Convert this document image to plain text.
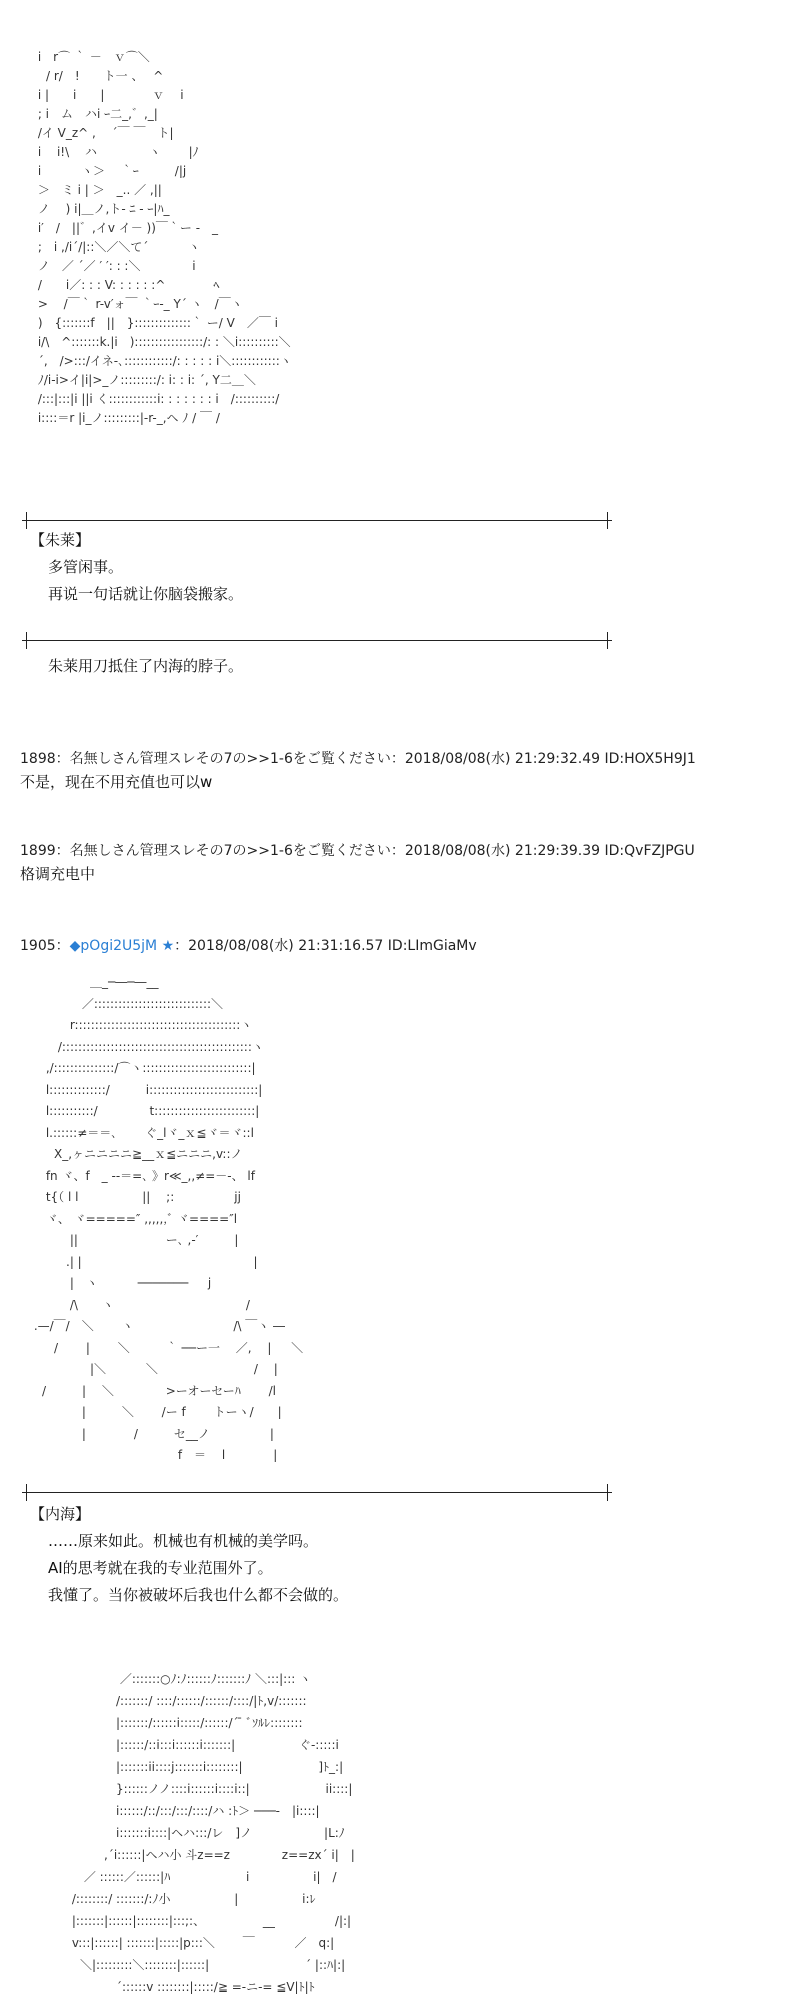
i　r⌒ ｀ －　ｖ⌒＼
　/ r/　!　　ト一 、　 ^
i |　　i　　|　　　　ｖ　 i
; i　ム　ハi ｰ二_,゛,_|
/イ V_z^ ,　 ´￣ ￣　ト|
i　 i!\　 ハ　　　　 ヽ　　 |ﾉ
i　　　 ヽ＞　 ｀ｰ　　　/|j
＞　ミ i | ＞　_.. ／ ,||
ノ　 ) i|＿ノ,ト- ﾆ - ｰ|ﾊ_
i′　/　||゛,イv イ－ ))￣｀ー -　_
;　i ,/i´/|::＼／＼て´　　　 ヽ
ノ　／ ´／ ′ ′: : :＼　　　　 i
/　　i／: : : V: : : : : :^　　　　ﾍ
>　 /￣｀ r-v′ォ￣ ｀ｰ-_ Y´ ヽ　/￣ヽ
)　{:::::::f　||　}::::::::::::::｀ ー/ V　／￣ i
i/\　^:::::::k.|i　):::::::::::::::::/: : ＼i::::::::::＼
´,　/>:::/イネ-､::::::::::::/: : : : : i＼::::::::::::ヽ
ﾉ/i-i>イ|i|>_ノ:::::::::/: i: : i: ´, Y二＿＼
/:::|:::|i ||i く::::::::::::i: : : : : : : i　/::::::::::/
i::::＝r |i_ノ:::::::::|-r-_,ヘ ﾉ / ￣ /
【朱莱】
多管闲事。
再说一句话就让你脑袋搬家。
朱莱用刀抵住了内海的脖子。
1898：名無しさん管理スレその7の>>1-6をご覧ください：2018/08/08(水) 21:29:32.49 ID:HOX5H9J1
不是，现在不用充值也可以w
1899：名無しさん管理スレその7の>>1-6をご覧ください：2018/08/08(水) 21:29:39.39 ID:QvFZJPGU
格调充电中
1905：◆pOgi2U5jM ★：2018/08/08(水) 21:31:16.57 ID:LImGiaMv
　　　　　＿_─―─―__
　　　　 ／:::::::::::::::::::::::::::::＼
　　　 r:::::::::::::::::::::::::::::::::::::::::ヽ
　　 /:::::::::::::::::::::::::::::::::::::::::::::::ヽ
　 ,/:::::::::::::::/⌒ヽ:::::::::::::::::::::::::::|
　 l::::::::::::::/　　　i:::::::::::::::::::::::::::|
　 l:::::::::::/　　　　 t:::::::::::::::::::::::::|
　 l.::::::≠＝＝､　　 ぐ_lヾ_ｘ≦ヾ＝ヾ::l
　　X_,ヶニニニニ≧__ｘ≦ニニニ,v::ノ
　 fn ヾ、f　_ --＝=､ 》r≪_,,≠=－-、 lf
　 t{（ l l　　　　　 ||　 ;:　　　　　jj
　 ヾ、 ヾ=====″ ,,,,,,ﾞ ヾ====″l
　　　 ||　　　　　　　 ー､ ,-′　　　|
　　　.| |　　　　　　　 　　　　　　　|
　　　 |　ヽ　　　 ─────── 　 j
　　　 /\　　ヽ　　　　　　　　　　　/
.—/￣/　＼　　 ヽ　　　　　　　　 /\ ￣ヽ ―
　　/　　 |　　 ＼　　　｀ ──ー一　 ／, 　| 　 ＼
　　　　　|＼　　　 ＼　　　　　　　　/　 |
　/　　　|　 ＼　　　　 >ーオーセーﾊ　　 /l
　　　　 |　　　＼　　 /ー f　　 トーヽ/　　|
　　　　 |　　　　/　　　セ__ノ　　　　　|
　　　　　　　　　　　　 f　＝　 l　　　　|
【内海】
……原来如此。机械也有机械的美学吗。
AI的思考就在我的专业范围外了。
我懂了。当你被破坏后我也什么都不会做的。
　　　　　　　　 ／:::::::○ﾉ:ﾉ::::::ﾉ:::::::ﾉ ＼:::|::: ヽ
　　　　　　　　/:::::::/ ::::/::::::/::::::/::::/|ﾄ,v/:::::::
　　　　　　　　|:::::::/::::::i:::::/::::::/´ ̄ ﾞｿﾙﾚ::::::::
　　　　　　　　|::::::/::i:::i::::::i:::::::|　　　　　 ぐ-:::::i
　　　　　　　　|:::::::ii::::j:::::::i::::::::|　　　　　　 ]ﾄ_:|
　　　　　　　　}::::::ノノ::::i::::::i::::i::|　　　　　　 ii::::|
　　　　　　　　i::::::/::/:::/:::/::::/ハ :ﾄ＞ ───-　|i::::|
　　　　　　　　i:::::::i::::|ヘハ:::/レ　]ノ　　　　　　|L:ﾉ
　　　　　　　,´i::::::|ヘハ小 斗z==z　　　　 z==zx´ i|　|
　　　　　 ／ ::::::／::::::|ﾊ　　　　　　 i　　　　　 i|　/
　　　　 /::::::::/ :::::::/:ﾉ小　　　　　 |　　　　　 i:ﾚ
　　　　 |:::::::|::::::|::::::::|:::;:、　　　　　 __　　　　　/|:|
　　　　 v:::|::::::| :::::::|:::::|p:::＼　　 ￣　　　 ／　q:|
　　　　　＼|:::::::::＼::::::::|::::::|　　　　　　　　´ |::ﾊ|:|
　　　　　　　　´::::::v ::::::::|:::::/≧ =-ニ-= ≦V|ﾄ|ﾄ
